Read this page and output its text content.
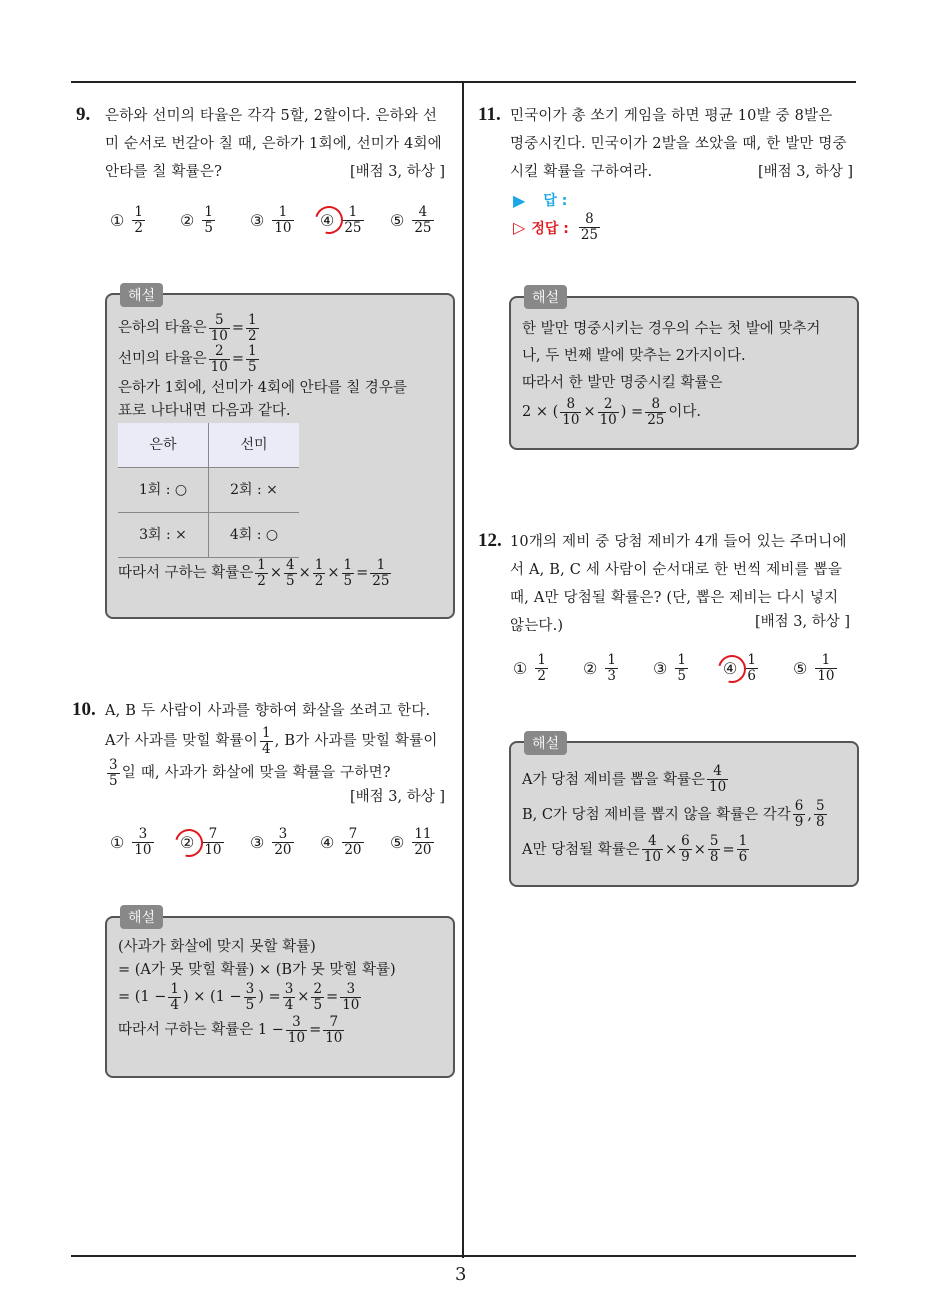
3
9. 은하와 선미의 타율은 각각 5할, 2할이다. 은하와 선
미 순서로 번갈아 칠 때, 은하가 1회에, 선미가 4회에
안타를 칠 확률은?	[배점 3, 하상 ]
① $\frac{1}{2}$ ② $\frac{1}{5}$ ③ $\frac{1}{10}$ ④ $\frac{1}{25}$ ⑤ $\frac{4}{25}$
해설
은하의 타율은 $\frac{5}{10} = \frac{1}{2}$
선미의 타율은 $\frac{2}{10} = \frac{1}{5}$
은하가 1회에, 선미가 4회에 안타를 칠 경우를
표로 나타내면 다음과 같다.
은하	선미
1회 : ○	2회 : ×
3회 : ×	4회 : ○
따라서 구하는 확률은 $\frac{1}{2} \times \frac{4}{5} \times \frac{1}{2} \times \frac{1}{5} = \frac{1}{25}$
10. A, B 두 사람이 사과를 향하여 화살을 쏘려고 한다.
A가 사과를 맞힐 확률이 $\frac{1}{4}$ , B가 사과를 맞힐 확률이
$\frac{3}{5}$ 일 때, 사과가 화살에 맞을 확률을 구하면?
[배점 3, 하상 ]
① $\frac{3}{10}$ ② $\frac{7}{10}$ ③ $\frac{3}{20}$ ④ $\frac{7}{20}$ ⑤ $\frac{11}{20}$
해설
(사과가 화살에 맞지 못할 확률)
= (A가 못 맞힐 확률) × (B가 못 맞힐 확률)
= ($1 - \frac{1}{4}$ ) × ($1 - \frac{3}{5}$ ) = $\frac{3}{4} \times \frac{2}{5} = \frac{3}{10}$
따라서 구하는 확률은 $1 - \frac{3}{10} = \frac{7}{10}$
11. 민국이가 총 쏘기 게임을 하면 평균 10발 중 8발은
명중시킨다. 민국이가 2발을 쏘았을 때, 한 발만 명중
시킬 확률을 구하여라.	[배점 3, 하상 ]
▶ 답 :
▷ 정답 : $\frac{8}{25}$
해설
한 발만 명중시키는 경우의 수는 첫 발에 맞추거
나, 두 번째 발에 맞추는 2가지이다.
따라서 한 발만 명중시킬 확률은
2 × ( $\frac{8}{10} \times \frac{2}{10}$ ) = $\frac{8}{25}$ 이다.
12. 10개의 제비 중 당첨 제비가 4개 들어 있는 주머니에
서 A, B, C 세 사람이 순서대로 한 번씩 제비를 뽑을
때, A만 당첨될 확률은? (단, 뽑은 제비는 다시 넣지
않는다.)	[배점 3, 하상 ]
① $\frac{1}{2}$ ② $\frac{1}{3}$ ③ $\frac{1}{5}$ ④ $\frac{1}{6}$ ⑤ $\frac{1}{10}$
해설
A가 당첨 제비를 뽑을 확률은 $\frac{4}{10}$
B, C가 당첨 제비를 뽑지 않을 확률은 각각 $\frac{6}{9}$ , $\frac{5}{8}$
A만 당첨될 확률은 $\frac{4}{10} \times \frac{6}{9} \times \frac{5}{8} = \frac{1}{6}$
